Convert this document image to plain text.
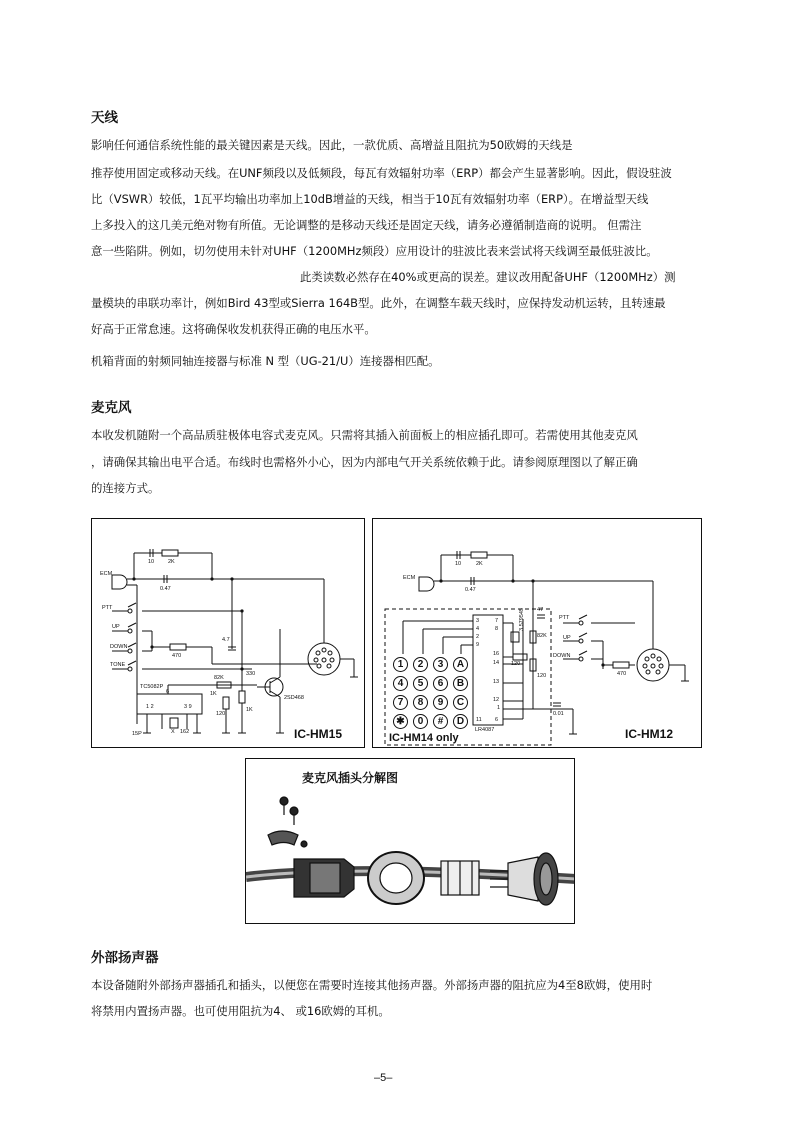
天线
影响任何通信系统性能的最关键因素是天线。因此，一款优质、高增益且阻抗为50欧姆的天线是
推荐使用固定或移动天线。在UNF频段以及低频段，每瓦有效辐射功率（ERP）都会产生显著影响。因此，假设驻波
比（VSWR）较低，1瓦平均输出功率加上10dB增益的天线，相当于10瓦有效辐射功率（ERP）。在增益型天线
上多投入的这几美元绝对物有所值。无论调整的是移动天线还是固定天线，请务必遵循制造商的说明。 但需注
意一些陷阱。例如，切勿使用未针对UHF（1200MHz频段）应用设计的驻波比表来尝试将天线调至最低驻波比。
此类读数必然存在40%或更高的误差。建议改用配备UHF（1200MHz）测
量模块的串联功率计，例如Bird 43型或Sierra 164B型。此外，在调整车载天线时，应保持发动机运转，且转速最
好高于正常怠速。这将确保收发机获得正确的电压水平。
机箱背面的射频同轴连接器与标准 N 型（UG-21/U）连接器相匹配。
麦克风
本收发机随附一个高品质驻极体电容式麦克风。只需将其插入前面板上的相应插孔即可。若需使用其他麦克风
，请确保其输出电平合适。布线时也需格外小心，因为内部电气开关系统依赖于此。请参阅原理图以了解正确
的连接方式。
ECM
PTT
UP
DOWN
TONE
2K
10
0.47
470
4.7
TC5082P
6
1 2	3 9
X 162
15P
82K
330
120
1K
1K
2SD468
IC-HM15
ECM
PTT
UP
DOWN
2K
10
0.47
470
120
3.579545
82K
120
0.01
47
LR4087
3
4
2
9
11
7
8
14
13
12
6
16
1
1	2	3	A
4	5	6	B
7	8	9	C
✱	0	#	D
IC-HM14 only	IC-HM12
麦克风插头分解图
外部扬声器
本设备随附外部扬声器插孔和插头，以便您在需要时连接其他扬声器。外部扬声器的阻抗应为4至8欧姆，使用时
将禁用内置扬声器。也可使用阻抗为4、 或16欧姆的耳机。
–5–
